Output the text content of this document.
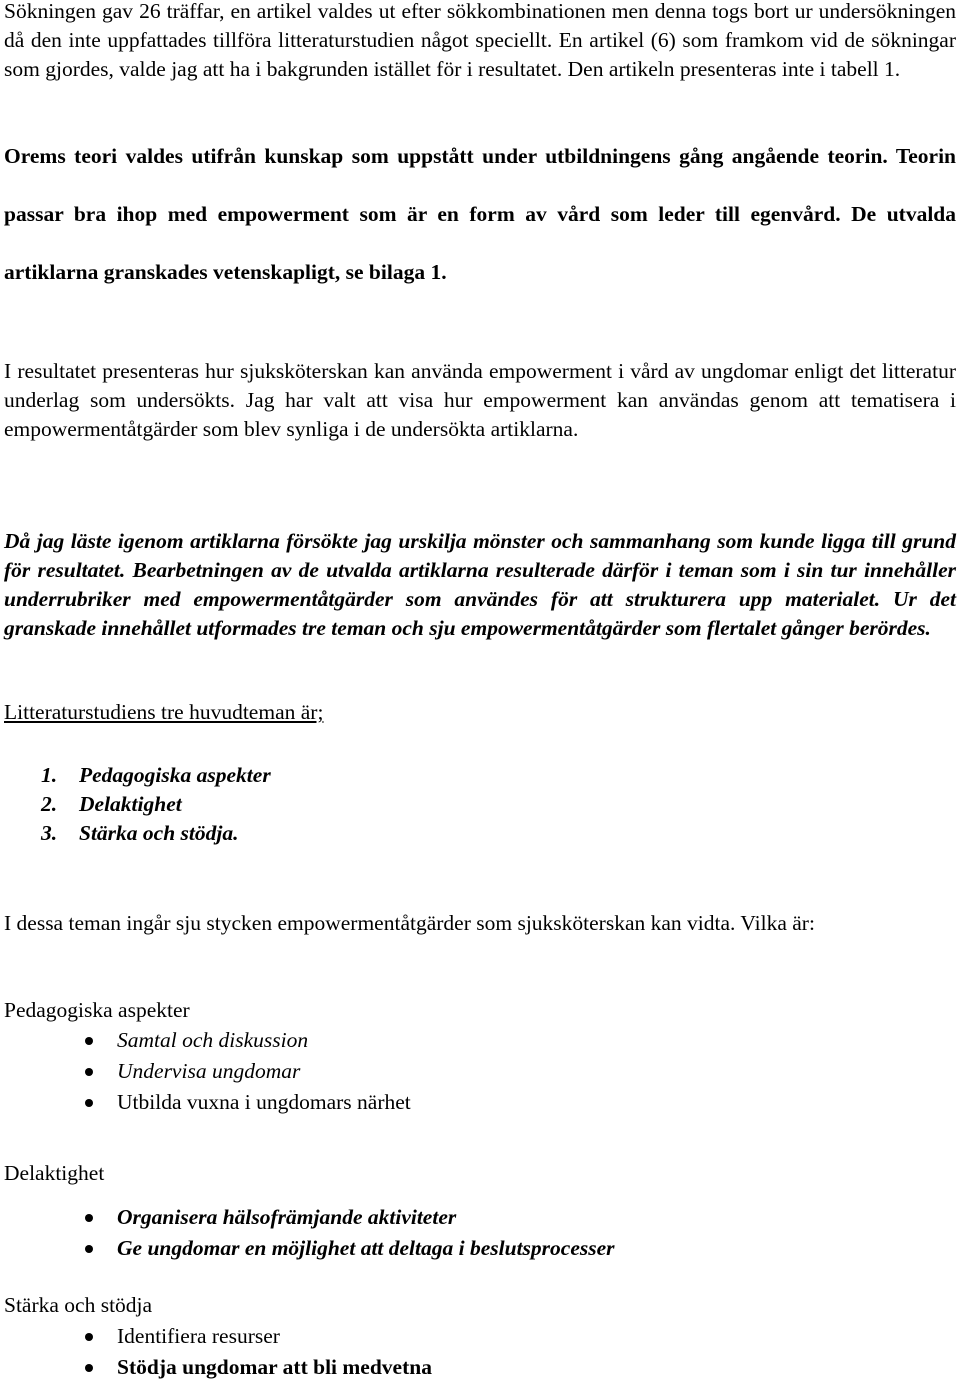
Sökningen gav 26 träffar, en artikel valdes ut efter sökkombinationen men denna togs bort ur undersökningen då den inte uppfattades tillföra litteraturstudien något speciellt. En artikel (6) som framkom vid de sökningar som gjordes, valde jag att ha i bakgrunden istället för i resultatet. Den artikeln presenteras inte i tabell 1.

Orems teori valdes utifrån kunskap som uppstått under utbildningens gång angående teorin. Teorin passar bra ihop med empowerment som är en form av vård som leder till egenvård. De utvalda artiklarna granskades vetenskapligt, se bilaga 1.

I resultatet presenteras hur sjuksköterskan kan använda empowerment i vård av ungdomar enligt det litteratur underlag som undersökts. Jag har valt att visa hur empowerment kan användas genom att tematisera i empowermentåtgärder som blev synliga i de undersökta artiklarna.

Då jag läste igenom artiklarna försökte jag urskilja mönster och sammanhang som kunde ligga till grund för resultatet. Bearbetningen av de utvalda artiklarna resulterade därför i teman som i sin tur innehåller underrubriker med empowermentåtgärder som användes för att strukturera upp materialet. Ur det granskade innehållet utformades tre teman och sju empowermentåtgärder som flertalet gånger berördes.

Litteraturstudiens tre huvudteman är;

1.	Pedagogiska aspekter
2.	Delaktighet
3.	Stärka och stödja.

I dessa teman ingår sju stycken empowermentåtgärder som sjuksköterskan kan vidta. Vilka är:

Pedagogiska aspekter

Samtal och diskussion
Undervisa ungdomar
Utbilda vuxna i ungdomars närhet

Delaktighet

Organisera hälsofrämjande aktiviteter
Ge ungdomar en möjlighet att deltaga i beslutsprocesser

Stärka och stödja

Identifiera resurser
Stödja ungdomar att bli medvetna
